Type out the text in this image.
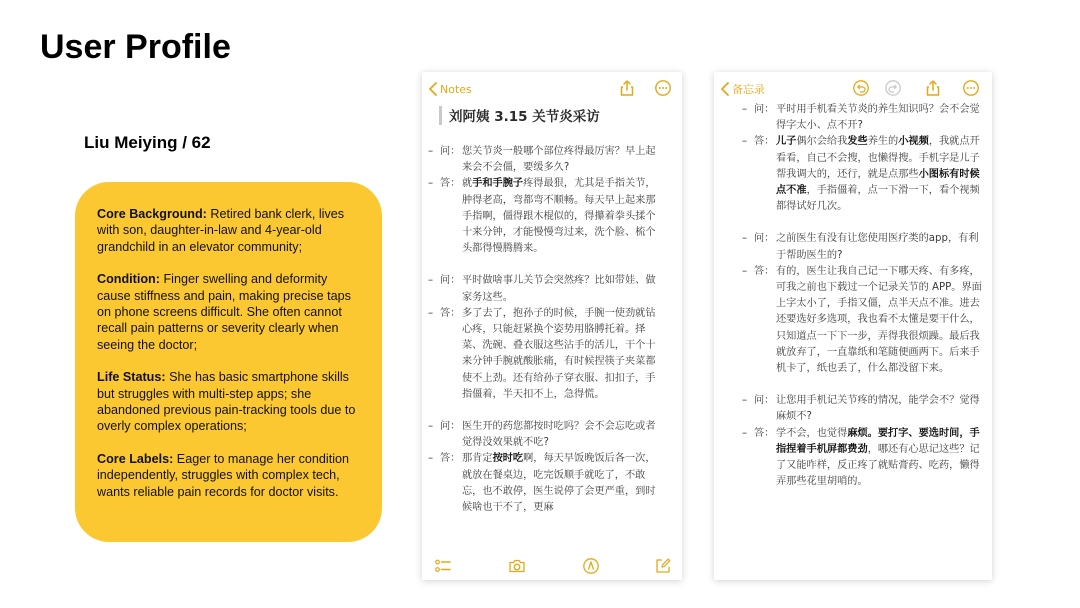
User Profile
Liu Meiying / 62

Core Background: Retired bank clerk, lives with son, daughter-in-law and 4-year-old grandchild in an elevator community;

Condition: Finger swelling and deformity cause stiffness and pain, making precise taps on phone screens difficult. She often cannot recall pain patterns or severity clearly when seeing the doctor;

Life Status: She has basic smartphone skills but struggles with multi-step apps; she abandoned previous pain-tracking tools due to overly complex operations;

Core Labels: Eager to manage her condition independently, struggles with complex tech, wants reliable pain records for doctor visits.

Notes
刘阿姨 3.15 关节炎采访

– 问： 您关节炎一般哪个部位疼得最厉害？早上起来会不会僵，要缓多久?

– 答： 就手和手腕子疼得最狠，尤其是手指关节，肿得老高，弯都弯不顺畅。每天早上起来那手指啊，僵得跟木棍似的，得攥着拳头揉个十来分钟，才能慢慢弯过来，洗个脸、梳个头都得慢腾腾来。

– 问： 平时做啥事儿关节会突然疼？比如带娃、做家务这些。

– 答： 多了去了，抱孙子的时候，手腕一使劲就钻心疼，只能赶紧换个姿势用胳膊托着。择菜、洗碗、叠衣服这些沾手的活儿，干个十来分钟手腕就酸胀痛，有时候捏筷子夹菜都使不上劲。还有给孙子穿衣服、扣扣子，手指僵着，半天扣不上，急得慌。

– 问： 医生开的药您都按时吃吗？会不会忘吃或者觉得没效果就不吃?

– 答： 那肯定按时吃啊，每天早饭晚饭后各一次，就放在餐桌边，吃完饭顺手就吃了，不敢忘，也不敢停，医生说停了会更严重，到时候啥也干不了，更麻

备忘录

– 问： 平时用手机看关节炎的养生知识吗？会不会觉得字太小、点不开?

– 答： 儿子偶尔会给我发些养生的小视频，我就点开看看，自己不会搜，也懒得搜。手机字是儿子帮我调大的，还行，就是点那些小图标有时候点不准，手指僵着，点一下滑一下，看个视频都得试好几次。

– 问： 之前医生有没有让您使用医疗类的app，有利于帮助医生的?

– 答： 有的，医生让我自己记一下哪天疼、有多疼，可我之前也下载过一个记录关节的 APP。界面上字太小了，手指又僵，点半天点不准。进去还要选好多选项，我也看不太懂是要干什么，只知道点一下下一步，弄得我很烦躁。最后我就放弃了，一直靠纸和笔随便画两下。后来手机卡了，纸也丢了，什么都没留下来。

– 问： 让您用手机记关节疼的情况，能学会不？觉得麻烦不?

– 答： 学不会，也觉得麻烦。要打字、要选时间，手指捏着手机屏都费劲，哪还有心思记这些？记了又能咋样，反正疼了就贴膏药、吃药，懒得弄那些花里胡哨的。
